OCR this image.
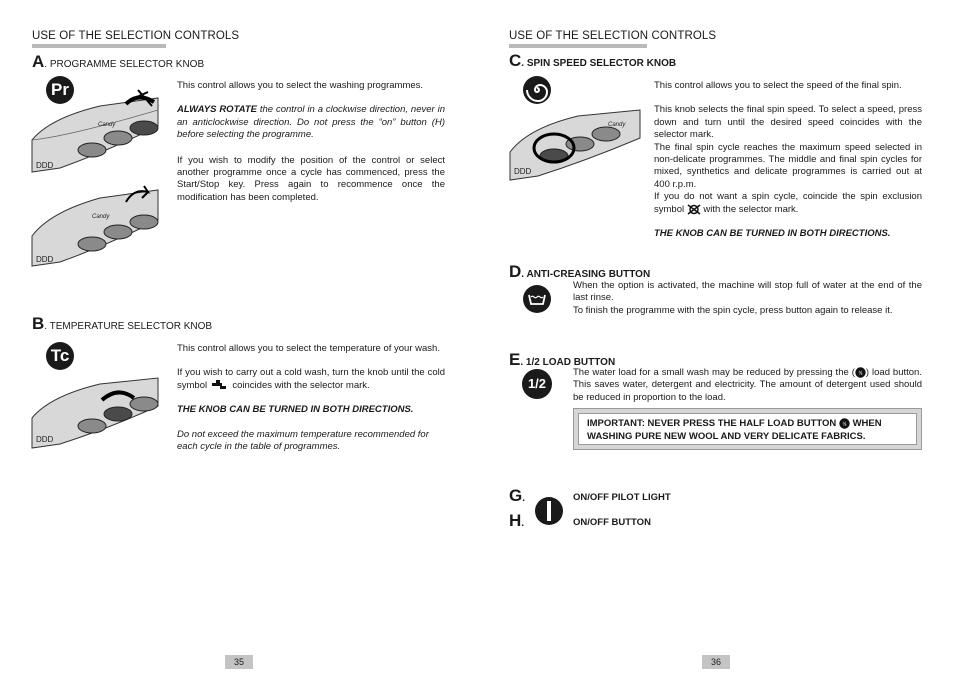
USE OF THE SELECTION CONTROLS
A. PROGRAMME SELECTOR KNOB
Pr
Candy
DDD
Candy
DDD
This control allows you to select the washing programmes.
ALWAYS ROTATE the control in a clockwise direction, never in an anticlockwise direction. Do not press the “on” button (H) before selecting the programme.
If you wish to modify the position of the control or select another programme once a cycle has commenced, press the Start/Stop key. Press again to recommence once the modification has been completed.
B. TEMPERATURE SELECTOR KNOB
Tc
DDD
This control allows you to select the temperature of your wash.
If you wish to carry out a cold wash, turn the knob until the cold symbol	coincides with the selector mark.
THE KNOB CAN BE TURNED IN BOTH DIRECTIONS.
Do not exceed the maximum temperature recommended for each cycle in the table of programmes.
35
USE OF THE SELECTION CONTROLS
C. SPIN SPEED SELECTOR KNOB
Candy
DDD
This control allows you to select the speed of the final spin.
This knob selects the final spin speed. To select a speed, press down and turn until the desired speed coincides with the selector mark.
The final spin cycle reaches the maximum speed selected in non-delicate programmes. The middle and final spin cycles for mixed, synthetics and delicate programmes is carried out at 400 r.p.m.
If you do not want a spin cycle, coincide the spin exclusion symbol with the selector mark.
THE KNOB CAN BE TURNED IN BOTH DIRECTIONS.
D. ANTI-CREASING BUTTON
When the option is activated, the machine will stop full of water at the end of the last rinse.
To finish the programme with the spin cycle, press button again to release it.
E. 1/2 LOAD BUTTON
1/2
The water load for a small wash may be reduced by pressing the ( ½ ) load button. This saves water, detergent and electricity. The amount of detergent used should be reduced in proportion to the load.
IMPORTANT: NEVER PRESS THE HALF LOAD BUTTON ½ WHEN WASHING PURE NEW WOOL AND VERY DELICATE FABRICS.
G.
H.
ON/OFF PILOT LIGHT
ON/OFF BUTTON
36
